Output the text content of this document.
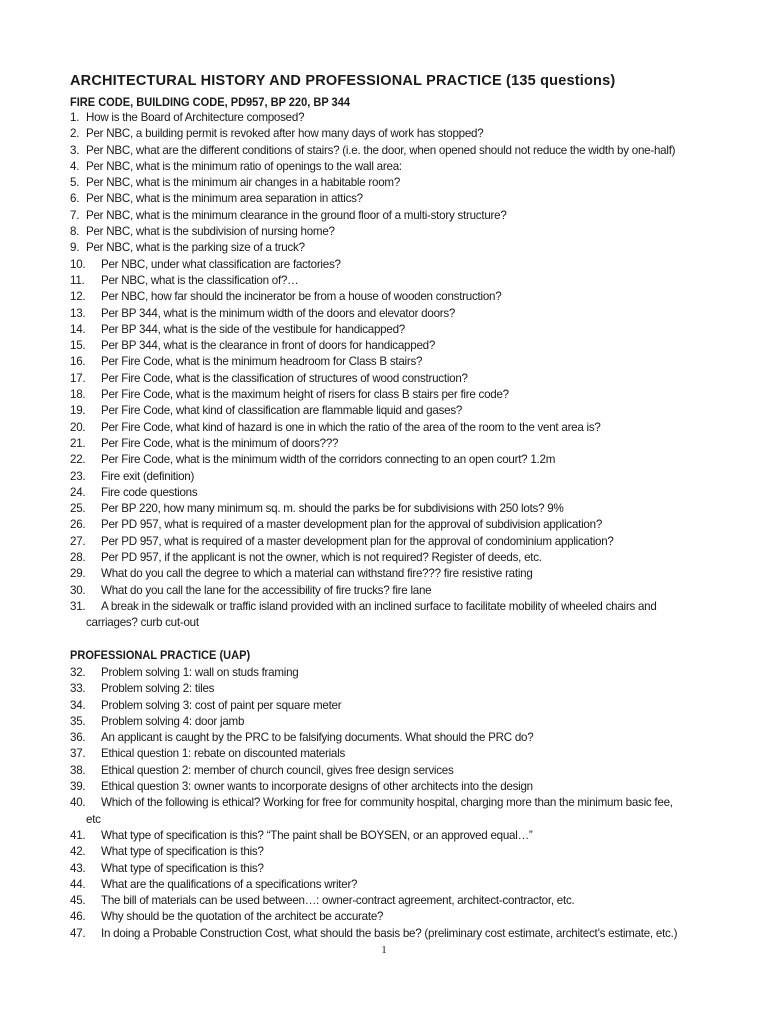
ARCHITECTURAL HISTORY AND PROFESSIONAL PRACTICE (135 questions)
FIRE CODE, BUILDING CODE, PD957, BP 220, BP 344
1. How is the Board of Architecture composed?
2. Per NBC, a building permit is revoked after how many days of work has stopped?
3. Per NBC, what are the different conditions of stairs? (i.e. the door, when opened should not reduce the width by one-half)
4. Per NBC, what is the minimum ratio of openings to the wall area:
5. Per NBC, what is the minimum air changes in a habitable room?
6. Per NBC, what is the minimum area separation in attics?
7. Per NBC, what is the minimum clearance in the ground floor of a multi-story structure?
8. Per NBC, what is the subdivision of nursing home?
9. Per NBC, what is the parking size of a truck?
10.	Per NBC, under what classification are factories?
11.	Per NBC, what is the classification of?…
12.	Per NBC, how far should the incinerator be from a house of wooden construction?
13.	Per BP 344, what is the minimum width of the doors and elevator doors?
14.	Per BP 344, what is the side of the vestibule for handicapped?
15.	Per BP 344, what is the clearance in front of doors for handicapped?
16.	Per Fire Code, what is the minimum headroom for Class B stairs?
17.	Per Fire Code, what is the classification of structures of wood construction?
18.	Per Fire Code, what is the maximum height of risers for class B stairs per fire code?
19.	Per Fire Code, what kind of classification are flammable liquid and gases?
20.	Per Fire Code, what kind of hazard is one in which the ratio of the area of the room to the vent area is?
21.	Per Fire Code, what is the minimum of doors???
22.	Per Fire Code, what is the minimum width of the corridors connecting to an open court? 1.2m
23.	Fire exit (definition)
24.	Fire code questions
25.	Per BP 220, how many minimum sq. m. should the parks be for subdivisions with 250 lots? 9%
26.	Per PD 957, what is required of a master development plan for the approval of subdivision application?
27.	Per PD 957, what is required of a master development plan for the approval of condominium application?
28.	Per PD 957, if the applicant is not the owner, which is not required? Register of deeds, etc.
29.	What do you call the degree to which a material can withstand fire??? fire resistive rating
30.	What do you call the lane for the accessibility of fire trucks? fire lane
31.	A break in the sidewalk or traffic island provided with an inclined surface to facilitate mobility of wheeled chairs and
carriages? curb cut-out
PROFESSIONAL PRACTICE (UAP)
32.	Problem solving 1: wall on studs framing
33.	Problem solving 2: tiles
34.	Problem solving 3: cost of paint per square meter
35.	Problem solving 4: door jamb
36.	An applicant is caught by the PRC to be falsifying documents. What should the PRC do?
37.	Ethical question 1: rebate on discounted materials
38.	Ethical question 2: member of church council, gives free design services
39.	Ethical question 3: owner wants to incorporate designs of other architects into the design
40.	Which of the following is ethical? Working for free for community hospital, charging more than the minimum basic fee,
etc
41.	What type of specification is this? “The paint shall be BOYSEN, or an approved equal…”
42.	What type of specification is this?
43.	What type of specification is this?
44.	What are the qualifications of a specifications writer?
45.	The bill of materials can be used between…: owner-contract agreement, architect-contractor, etc.
46.	Why should be the quotation of the architect be accurate?
47.	In doing a Probable Construction Cost, what should the basis be? (preliminary cost estimate, architect’s estimate, etc.)
1
